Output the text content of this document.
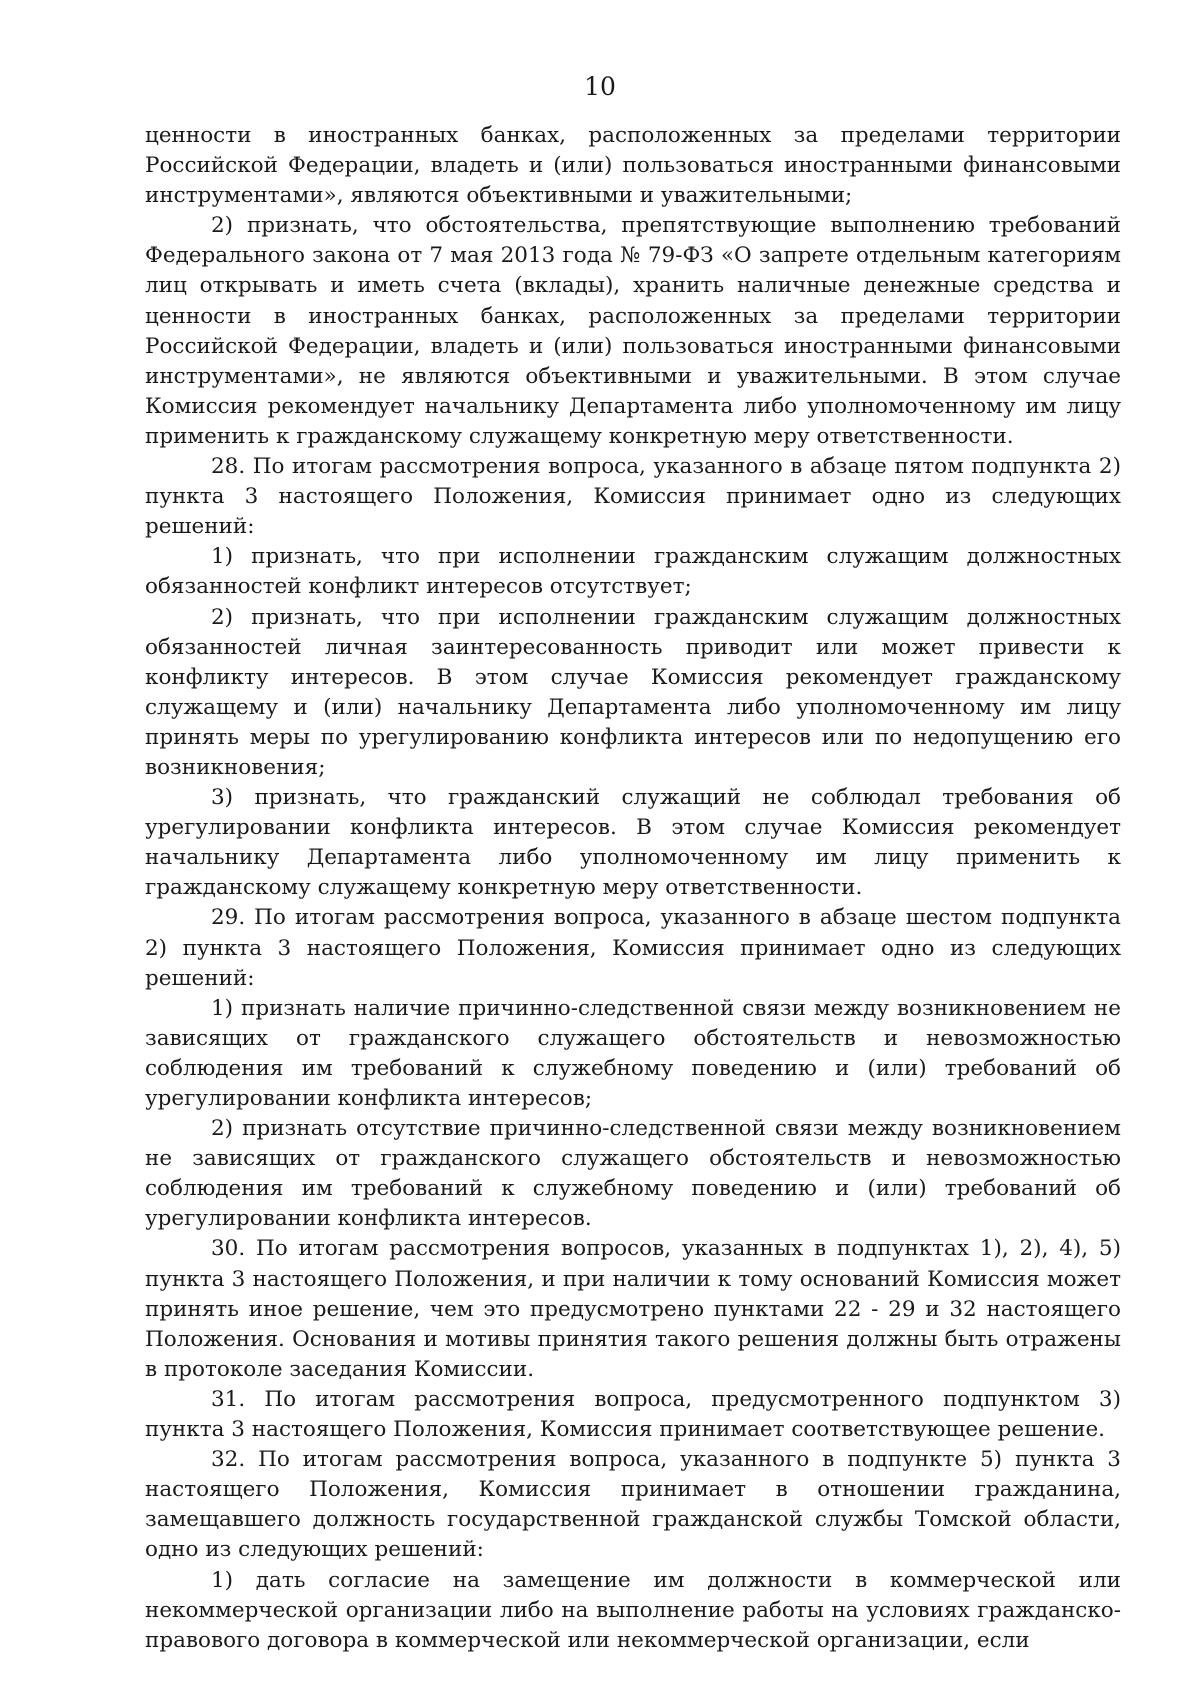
10

ценности в иностранных банках, расположенных за пределами территории Российской Федерации, владеть и (или) пользоваться иностранными финансовыми инструментами», являются объективными и уважительными;

2) признать, что обстоятельства, препятствующие выполнению требований Федерального закона от 7 мая 2013 года № 79-ФЗ «О запрете отдельным категориям лиц открывать и иметь счета (вклады), хранить наличные денежные средства и ценности в иностранных банках, расположенных за пределами территории Российской Федерации, владеть и (или) пользоваться иностранными финансовыми инструментами», не являются объективными и уважительными. В этом случае Комиссия рекомендует начальнику Департамента либо уполномоченному им лицу применить к гражданскому служащему конкретную меру ответственности.

28. По итогам рассмотрения вопроса, указанного в абзаце пятом подпункта 2) пункта 3 настоящего Положения, Комиссия принимает одно из следующих решений:

1) признать, что при исполнении гражданским служащим должностных обязанностей конфликт интересов отсутствует;

2) признать, что при исполнении гражданским служащим должностных обязанностей личная заинтересованность приводит или может привести к конфликту интересов. В этом случае Комиссия рекомендует гражданскому служащему и (или) начальнику Департамента либо уполномоченному им лицу принять меры по урегулированию конфликта интересов или по недопущению его возникновения;

3) признать, что гражданский служащий не соблюдал требования об урегулировании конфликта интересов. В этом случае Комиссия рекомендует начальнику Департамента либо уполномоченному им лицу применить к гражданскому служащему конкретную меру ответственности.

29. По итогам рассмотрения вопроса, указанного в абзаце шестом подпункта 2) пункта 3 настоящего Положения, Комиссия принимает одно из следующих решений:

1) признать наличие причинно-следственной связи между возникновением не зависящих от гражданского служащего обстоятельств и невозможностью соблюдения им требований к служебному поведению и (или) требований об урегулировании конфликта интересов;

2) признать отсутствие причинно-следственной связи между возникновением не зависящих от гражданского служащего обстоятельств и невозможностью соблюдения им требований к служебному поведению и (или) требований об урегулировании конфликта интересов.

30. По итогам рассмотрения вопросов, указанных в подпунктах 1), 2), 4), 5) пункта 3 настоящего Положения, и при наличии к тому оснований Комиссия может принять иное решение, чем это предусмотрено пунктами 22 - 29 и 32 настоящего Положения. Основания и мотивы принятия такого решения должны быть отражены в протоколе заседания Комиссии.

31. По итогам рассмотрения вопроса, предусмотренного подпунктом 3) пункта 3 настоящего Положения, Комиссия принимает соответствующее решение.

32. По итогам рассмотрения вопроса, указанного в подпункте 5) пункта 3 настоящего Положения, Комиссия принимает в отношении гражданина, замещавшего должность государственной гражданской службы Томской области, одно из следующих решений:

1) дать согласие на замещение им должности в коммерческой или некоммерческой организации либо на выполнение работы на условиях гражданско-правового договора в коммерческой или некоммерческой организации, если
